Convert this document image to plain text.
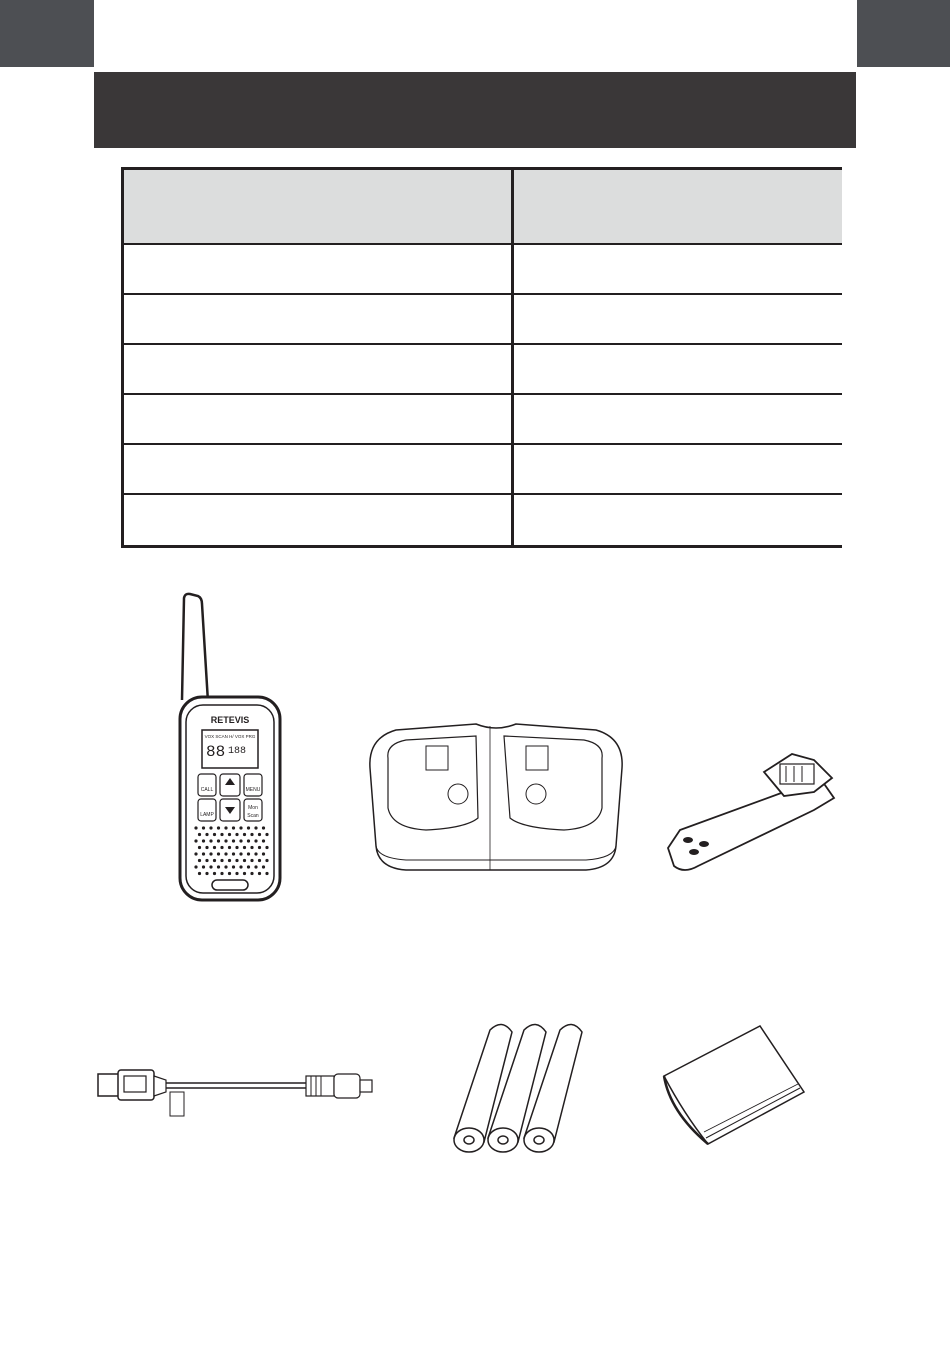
RETEVIS
VOX SCAN H/ VOX PRG
88 188
CALL	MENU
LAMP
Mon
Scan
